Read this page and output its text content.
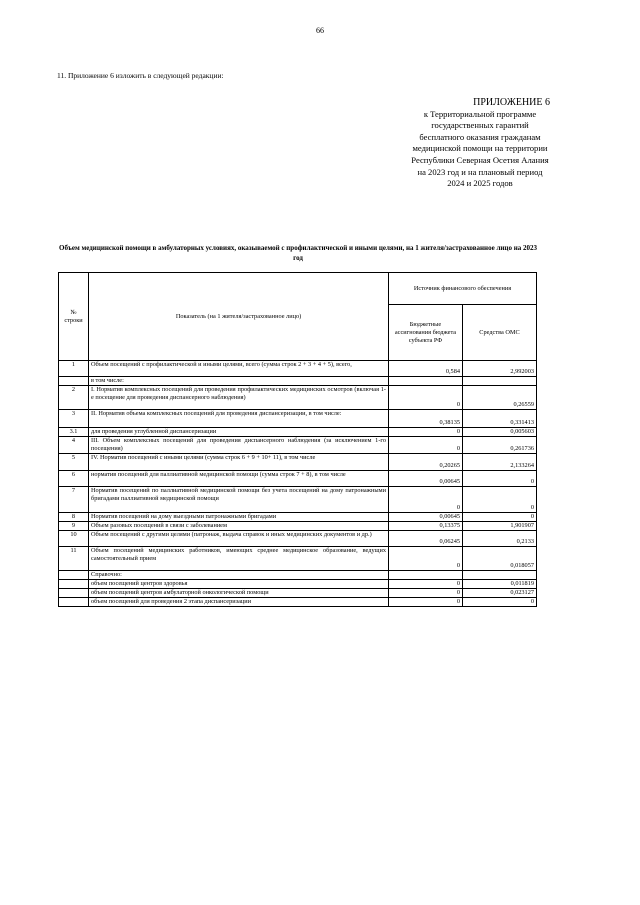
66
11. Приложение 6 изложить в следующей редакции:
ПРИЛОЖЕНИЕ 6
к Территориальной программе
государственных гарантий
бесплатного оказания гражданам
медицинской помощи на территории
Республики Северная Осетия Алания
на 2023 год и на плановый период
2024 и 2025 годов
Объем медицинской помощи в амбулаторных условиях, оказываемой с профилактической и иными целями, на 1 жителя/застрахованное лицо на 2023 год
№ строки	Показатель (на 1 жителя/застрахованное лицо)	Источник финансового обеспечения	
		Бюджетные ассигнования бюджета субъекта РФ	Средства ОМС
1	Объем посещений с профилактической и иными целями, всего (сумма строк 2 + 3 + 4 + 5), всего,	0,584	2,992003
	в том числе:		
2	I. Норматив комплексных посещений для проведения профилактических медицинских осмотров (включая 1-е посещение для проведения диспансерного наблюдения)	0	0,26559
3	II. Норматив объема комплексных посещений для проведения диспансеризации, в том числе:	0,38135	0,331413
3.1	для проведения углубленной диспансеризации	0	0,005603
4	III. Объем комплексных посещений для проведения диспансерного наблюдения (за исключением 1-го посещения)	0	0,261736
5	IV. Норматив посещений с иными целями (сумма строк 6 + 9 + 10+ 11), в том числе	0,20265	2,133264
6	норматив посещений для паллиативной медицинской помощи (сумма строк 7 + 8), в том числе	0,00645	0
7	Норматив посещений по паллиативной медицинской помощи без учета посещений на дому патронажными бригадами паллиативной медицинской помощи	0	0
8	Норматив посещений на дому выездными патронажными бригадами	0,00645	0
9	Объем разовых посещений в связи с заболеванием	0,13375	1,901907
10	Объем посещений с другими целями (патронаж, выдача справок и иных медицинских документов и др.)	0,06245	0,2133
11	Объем посещений медицинских работников, имеющих среднее медицинское образование, ведущих самостоятельный прием	0	0,018057
	Справочно:		
	объем посещений центров здоровья	0	0,011819
	объем посещений центров амбулаторной онкологической помощи	0	0,023127
	объем посещений для проведения 2 этапа диспансеризации	0	0
